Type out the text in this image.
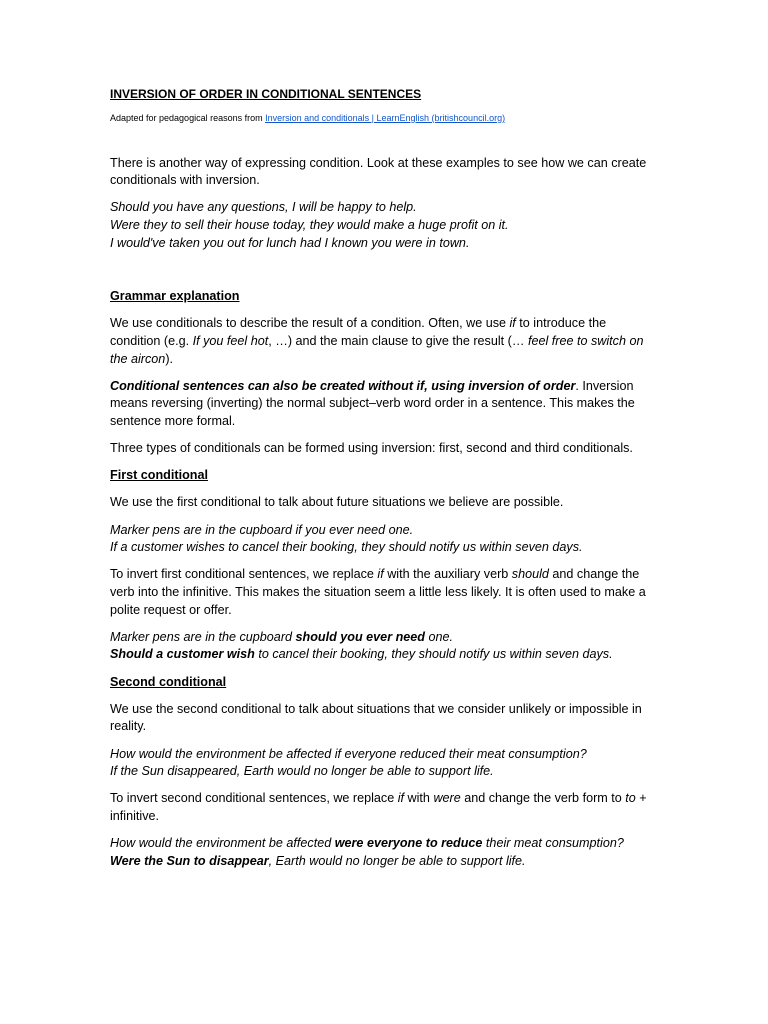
INVERSION OF ORDER IN CONDITIONAL SENTENCES

Adapted for pedagogical reasons from Inversion and conditionals | LearnEnglish (britishcouncil.org)

There is another way of expressing condition. Look at these examples to see how we can create conditionals with inversion.

Should you have any questions, I will be happy to help.

Were they to sell their house today, they would make a huge profit on it.

I would've taken you out for lunch had I known you were in town.

Grammar explanation

We use conditionals to describe the result of a condition. Often, we use if to introduce the condition (e.g. If you feel hot, …) and the main clause to give the result (… feel free to switch on the aircon).

Conditional sentences can also be created without if, using inversion of order. Inversion means reversing (inverting) the normal subject–verb word order in a sentence. This makes the sentence more formal.

Three types of conditionals can be formed using inversion: first, second and third conditionals.

First conditional

We use the first conditional to talk about future situations we believe are possible.

Marker pens are in the cupboard if you ever need one.

If a customer wishes to cancel their booking, they should notify us within seven days.

To invert first conditional sentences, we replace if with the auxiliary verb should and change the verb into the infinitive. This makes the situation seem a little less likely. It is often used to make a polite request or offer.

Marker pens are in the cupboard should you ever need one.

Should a customer wish to cancel their booking, they should notify us within seven days.

Second conditional

We use the second conditional to talk about situations that we consider unlikely or impossible in reality.

How would the environment be affected if everyone reduced their meat consumption?

If the Sun disappeared, Earth would no longer be able to support life.

To invert second conditional sentences, we replace if with were and change the verb form to to + infinitive.

How would the environment be affected were everyone to reduce their meat consumption?

Were the Sun to disappear, Earth would no longer be able to support life.
